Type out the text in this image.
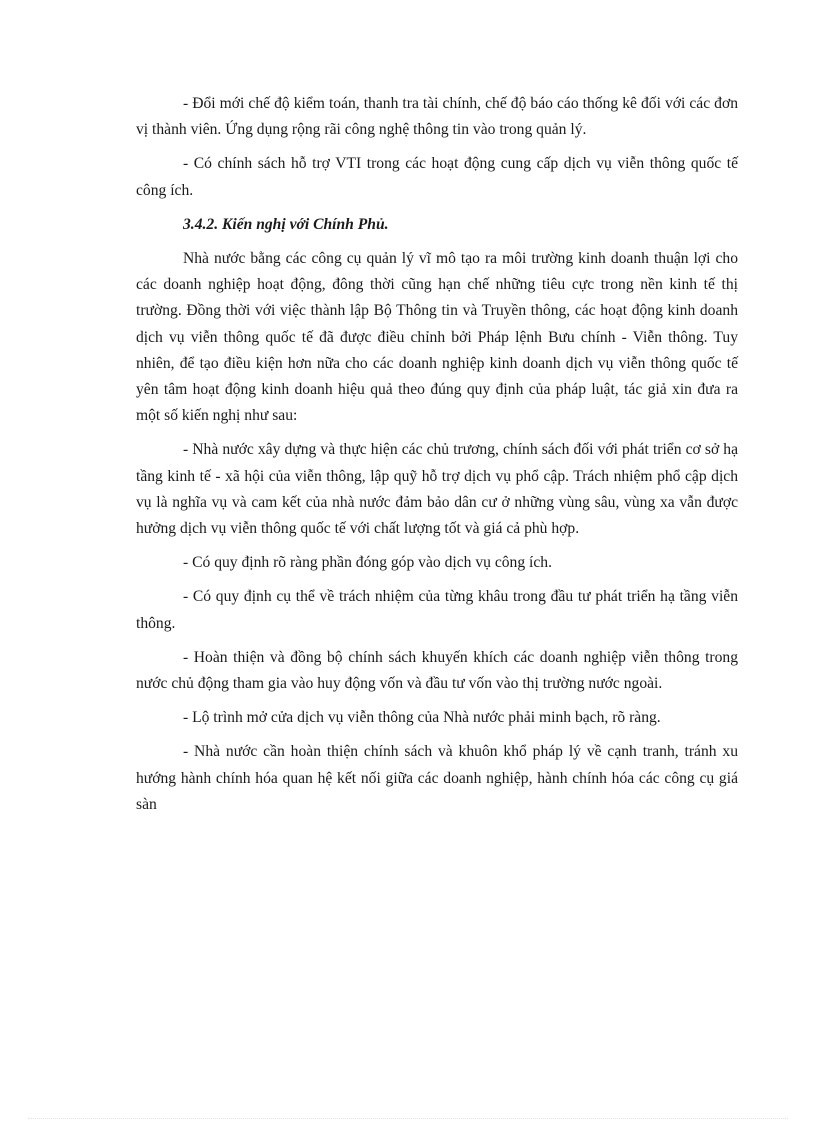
- Đổi mới chế độ kiểm toán, thanh tra tài chính, chế độ báo cáo thống kê đối với các đơn vị thành viên. Ứng dụng rộng rãi công nghệ thông tin vào trong quản lý.

- Có chính sách hỗ trợ VTI trong các hoạt động cung cấp dịch vụ viễn thông quốc tế công ích.

3.4.2. Kiến nghị với Chính Phủ.

Nhà nước bằng các công cụ quản lý vĩ mô tạo ra môi trường kinh doanh thuận lợi cho các doanh nghiệp hoạt động, đông thời cũng hạn chế những tiêu cực trong nền kinh tế thị trường. Đồng thời với việc thành lập Bộ Thông tin và Truyền thông, các hoạt động kinh doanh dịch vụ viễn thông quốc tế đã được điều chỉnh bởi Pháp lệnh Bưu chính - Viễn thông. Tuy nhiên, để tạo điều kiện hơn nữa cho các doanh nghiệp kinh doanh dịch vụ viễn thông quốc tế yên tâm hoạt động kinh doanh hiệu quả theo đúng quy định của pháp luật, tác giả xin đưa ra một số kiến nghị như sau:

- Nhà nước xây dựng và thực hiện các chủ trương, chính sách đối với phát triển cơ sở hạ tầng kinh tế - xã hội của viễn thông, lập quỹ hỗ trợ dịch vụ phổ cập. Trách nhiệm phổ cập dịch vụ là nghĩa vụ và cam kết của nhà nước đảm bảo dân cư ở những vùng sâu, vùng xa vẫn được hưởng dịch vụ viễn thông quốc tế với chất lượng tốt và giá cả phù hợp.

- Có quy định rõ ràng phần đóng góp vào dịch vụ công ích.

- Có quy định cụ thể về trách nhiệm của từng khâu trong đầu tư phát triển hạ tầng viễn thông.

- Hoàn thiện và đồng bộ chính sách khuyến khích các doanh nghiệp viễn thông trong nước chủ động tham gia vào huy động vốn và đầu tư vốn vào thị trường nước ngoài.

- Lộ trình mở cửa dịch vụ viễn thông của Nhà nước phải minh bạch, rõ ràng.

- Nhà nước cần hoàn thiện chính sách và khuôn khổ pháp lý về cạnh tranh, tránh xu hướng hành chính hóa quan hệ kết nối giữa các doanh nghiệp, hành chính hóa các công cụ giá sàn
